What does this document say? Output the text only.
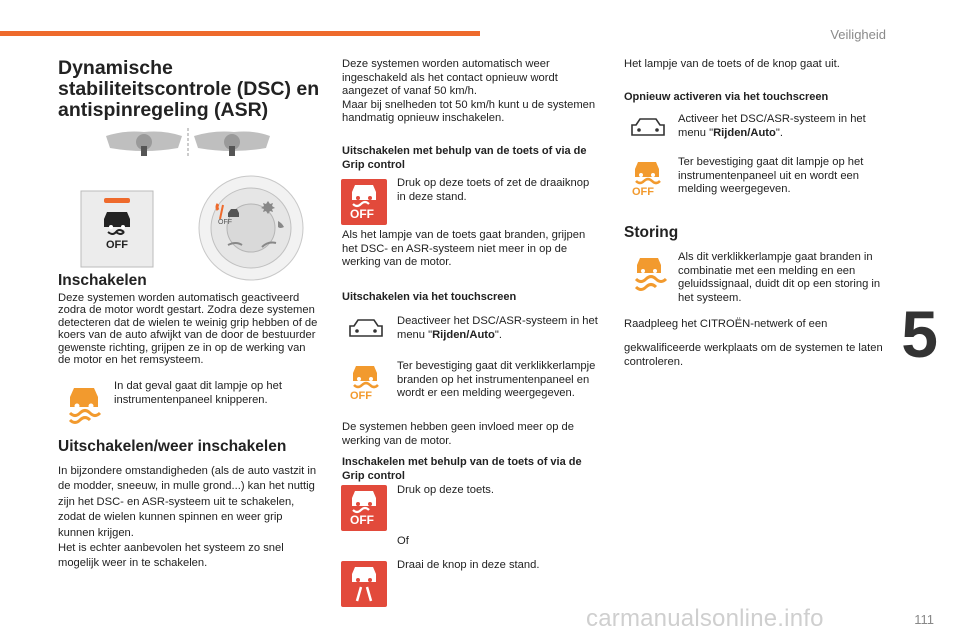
Veiligheid
5
111
Dynamische stabiliteitscontrole (DSC) en antispinregeling (ASR)
OFF
OFF
Inschakelen
Deze systemen worden automatisch geactiveerd zodra de motor wordt gestart. Zodra deze systemen detecteren dat de wielen te weinig grip hebben of de koers van de auto afwijkt van de door de bestuurder gewenste richting, grijpen ze in op de werking van de motor en het remsysteem.
In dat geval gaat dit lampje op het instrumentenpaneel knipperen.
Uitschakelen/weer inschakelen
In bijzondere omstandigheden (als de auto vastzit in de modder, sneeuw, in mulle grond...) kan het nuttig zijn het DSC- en ASR-systeem uit te schakelen, zodat de wielen kunnen spinnen en weer grip kunnen krijgen.
Het is echter aanbevolen het systeem zo snel mogelijk weer in te schakelen.
Deze systemen worden automatisch weer ingeschakeld als het contact opnieuw wordt aangezet of vanaf 50 km/h.
Maar bij snelheden tot 50 km/h kunt u de systemen handmatig opnieuw inschakelen.
Uitschakelen met behulp van de toets of via de Grip control
OFF
Druk op deze toets of zet de draaiknop in deze stand.
Als het lampje van de toets gaat branden, grijpen het DSC- en ASR-systeem niet meer in op de werking van de motor.
Uitschakelen via het touchscreen
Deactiveer het DSC/ASR-systeem in het menu "Rijden/Auto".
OFF
Ter bevestiging gaat dit verklikkerlampje branden op het instrumentenpaneel en wordt er een melding weergegeven.
De systemen hebben geen invloed meer op de werking van de motor.
Inschakelen met behulp van de toets of via de Grip control
OFF
Druk op deze toets.
Of
Draai de knop in deze stand.
Het lampje van de toets of de knop gaat uit.
Opnieuw activeren via het touchscreen
Activeer het DSC/ASR-systeem in het menu "Rijden/Auto".
OFF
Ter bevestiging gaat dit lampje op het instrumentenpaneel uit en wordt een melding weergegeven.
Storing
Als dit verklikkerlampje gaat branden in combinatie met een melding en een geluidssignaal, duidt dit op een storing in het systeem.
Raadpleeg het CITROËN-netwerk of een
gekwalificeerde werkplaats om de systemen te laten controleren.
carmanualsonline.info
